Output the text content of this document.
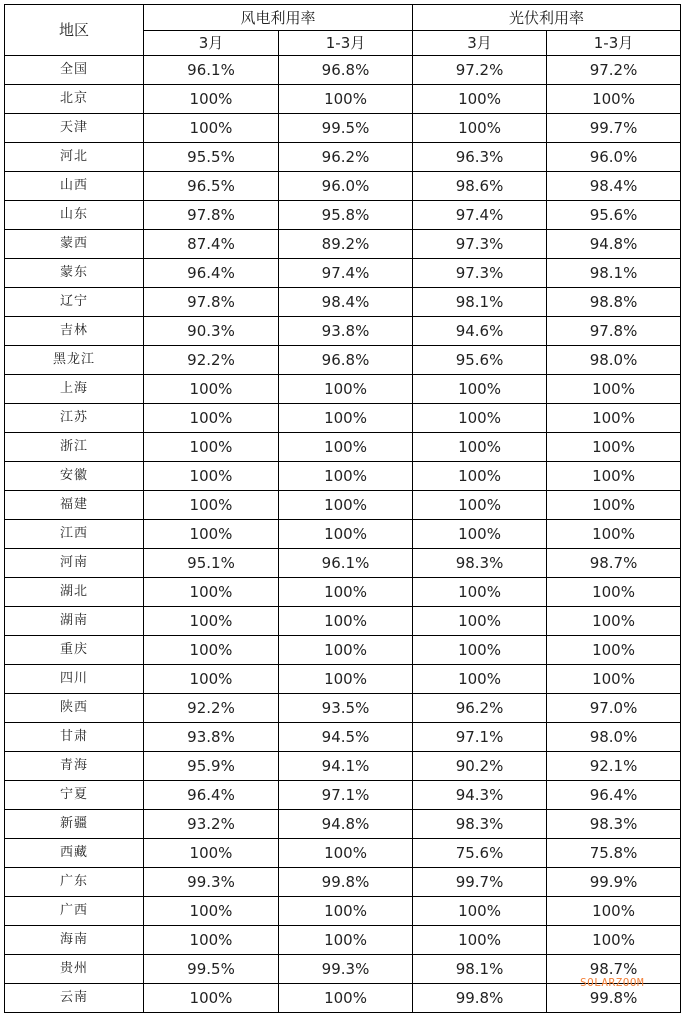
地区	风电利用率		光伏利用率	
	3月	1-3月	3月	1-3月
全国	96.1%	96.8%	97.2%	97.2%
北京	100%	100%	100%	100%
天津	100%	99.5%	100%	99.7%
河北	95.5%	96.2%	96.3%	96.0%
山西	96.5%	96.0%	98.6%	98.4%
山东	97.8%	95.8%	97.4%	95.6%
蒙西	87.4%	89.2%	97.3%	94.8%
蒙东	96.4%	97.4%	97.3%	98.1%
辽宁	97.8%	98.4%	98.1%	98.8%
吉林	90.3%	93.8%	94.6%	97.8%
黑龙江	92.2%	96.8%	95.6%	98.0%
上海	100%	100%	100%	100%
江苏	100%	100%	100%	100%
浙江	100%	100%	100%	100%
安徽	100%	100%	100%	100%
福建	100%	100%	100%	100%
江西	100%	100%	100%	100%
河南	95.1%	96.1%	98.3%	98.7%
湖北	100%	100%	100%	100%
湖南	100%	100%	100%	100%
重庆	100%	100%	100%	100%
四川	100%	100%	100%	100%
陕西	92.2%	93.5%	96.2%	97.0%
甘肃	93.8%	94.5%	97.1%	98.0%
青海	95.9%	94.1%	90.2%	92.1%
宁夏	96.4%	97.1%	94.3%	96.4%
新疆	93.2%	94.8%	98.3%	98.3%
西藏	100%	100%	75.6%	75.8%
广东	99.3%	99.8%	99.7%	99.9%
广西	100%	100%	100%	100%
海南	100%	100%	100%	100%
贵州	99.5%	99.3%	98.1%	98.7%
云南	100%	100%	99.8%	99.8%
SOLARZOOM
